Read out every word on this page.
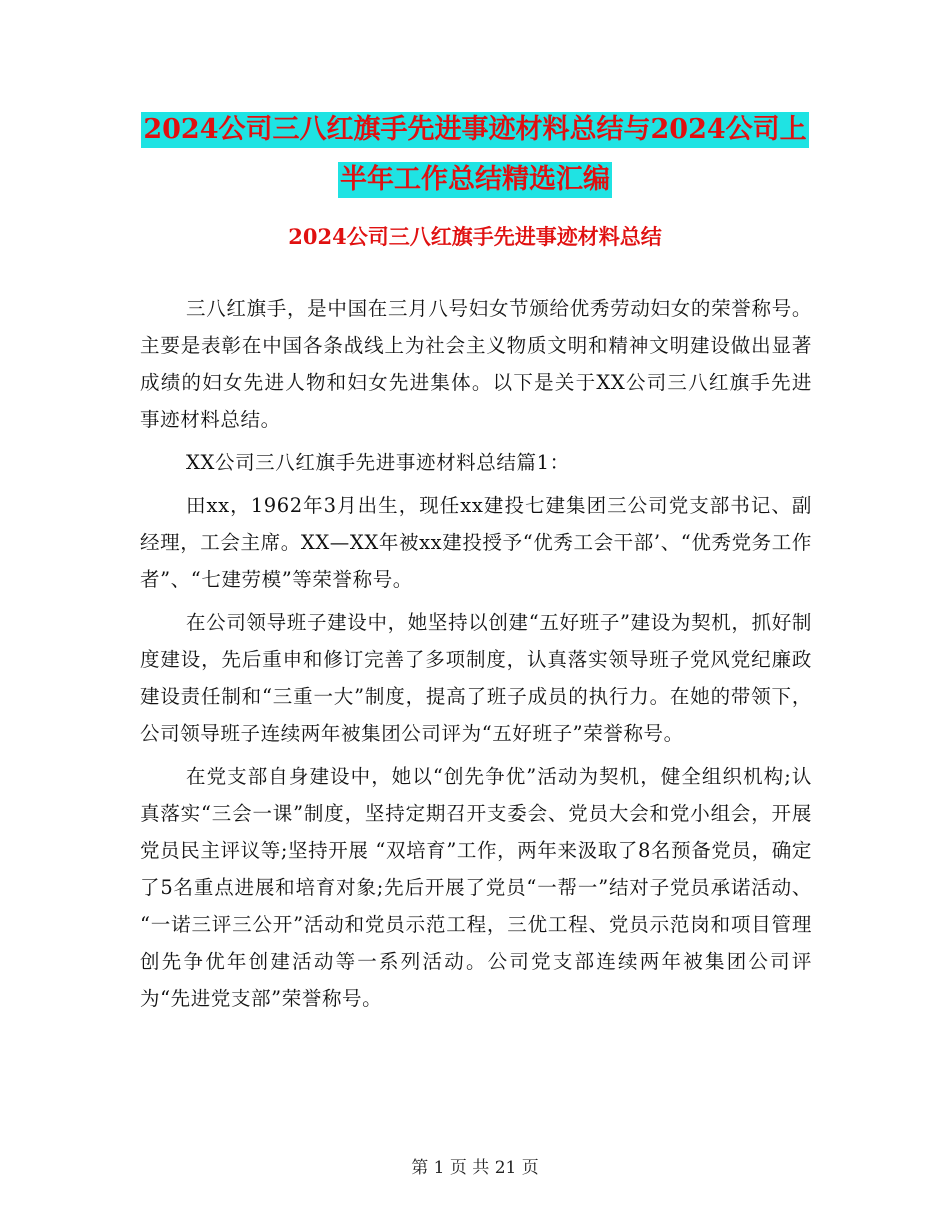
2024公司三八红旗手先进事迹材料总结与2024公司上
半年工作总结精选汇编
2024公司三八红旗手先进事迹材料总结

三八红旗手，是中国在三月八号妇女节颁给优秀劳动妇女的荣誉称号。主要是表彰在中国各条战线上为社会主义物质文明和精神文明建设做出显著成绩的妇女先进人物和妇女先进集体。以下是关于XX公司三八红旗手先进事迹材料总结。

XX公司三八红旗手先进事迹材料总结篇1：

田xx，1962年3月出生，现任xx建投七建集团三公司党支部书记、副经理，工会主席。XX—XX年被xx建投授予“优秀工会干部’、“优秀党务工作者”、“七建劳模”等荣誉称号。

在公司领导班子建设中，她坚持以创建“五好班子”建设为契机，抓好制度建设，先后重申和修订完善了多项制度，认真落实领导班子党风党纪廉政建设责任制和“三重一大”制度，提高了班子成员的执行力。在她的带领下，公司领导班子连续两年被集团公司评为“五好班子”荣誉称号。

在党支部自身建设中，她以“创先争优”活动为契机，健全组织机构;认真落实“三会一课”制度，坚持定期召开支委会、党员大会和党小组会，开展党员民主评议等;坚持开展 “双培育”工作，两年来汲取了8名预备党员，确定了5名重点进展和培育对象;先后开展了党员“一帮一”结对子党员承诺活动、 “一诺三评三公开”活动和党员示范工程，三优工程、党员示范岗和项目管理创先争优年创建活动等一系列活动。公司党支部连续两年被集团公司评为“先进党支部”荣誉称号。

第 1 页 共 21 页
